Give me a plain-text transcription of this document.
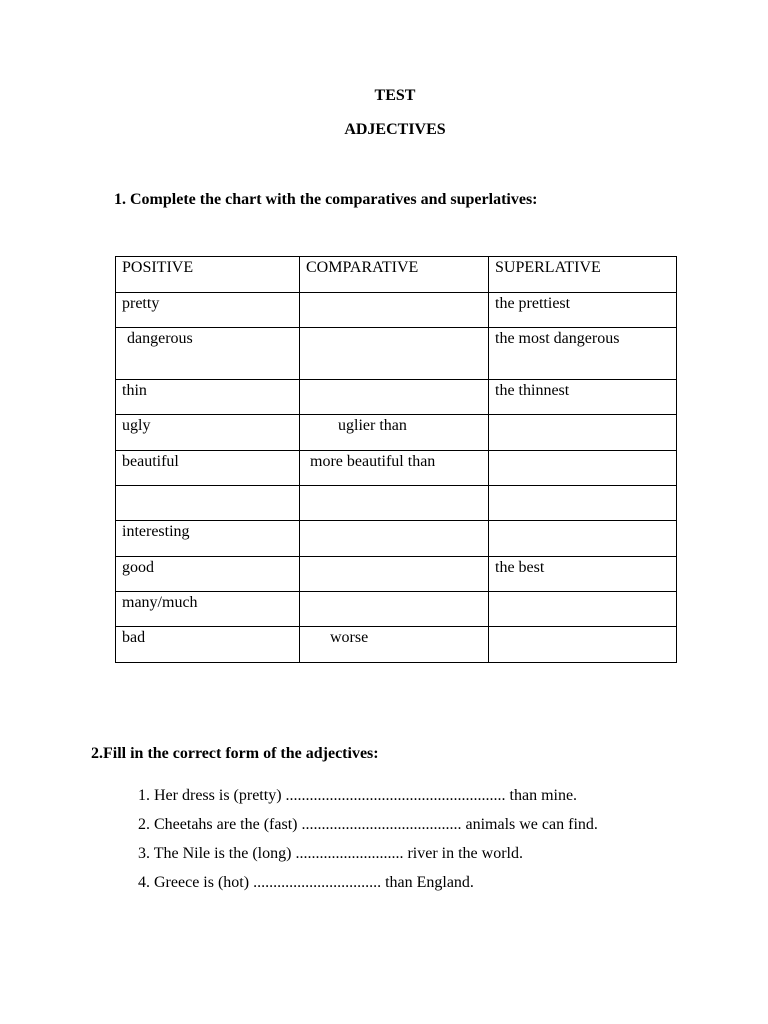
TEST
ADJECTIVES
1. Complete the chart with the comparatives and superlatives:
POSITIVE	COMPARATIVE	SUPERLATIVE

pretty		the prettiest

dangerous		the most dangerous

thin		the thinnest

ugly	uglier than	

beautiful	more beautiful than	

interesting		

good		the best

many/much		

bad	worse	

2.Fill in the correct form of the adjectives:
1. Her dress is (pretty) ....................................................... than mine.
2. Cheetahs are the (fast) ........................................ animals we can find.
3. The Nile is the (long) ........................... river in the world.
4. Greece is (hot) ................................ than England.
